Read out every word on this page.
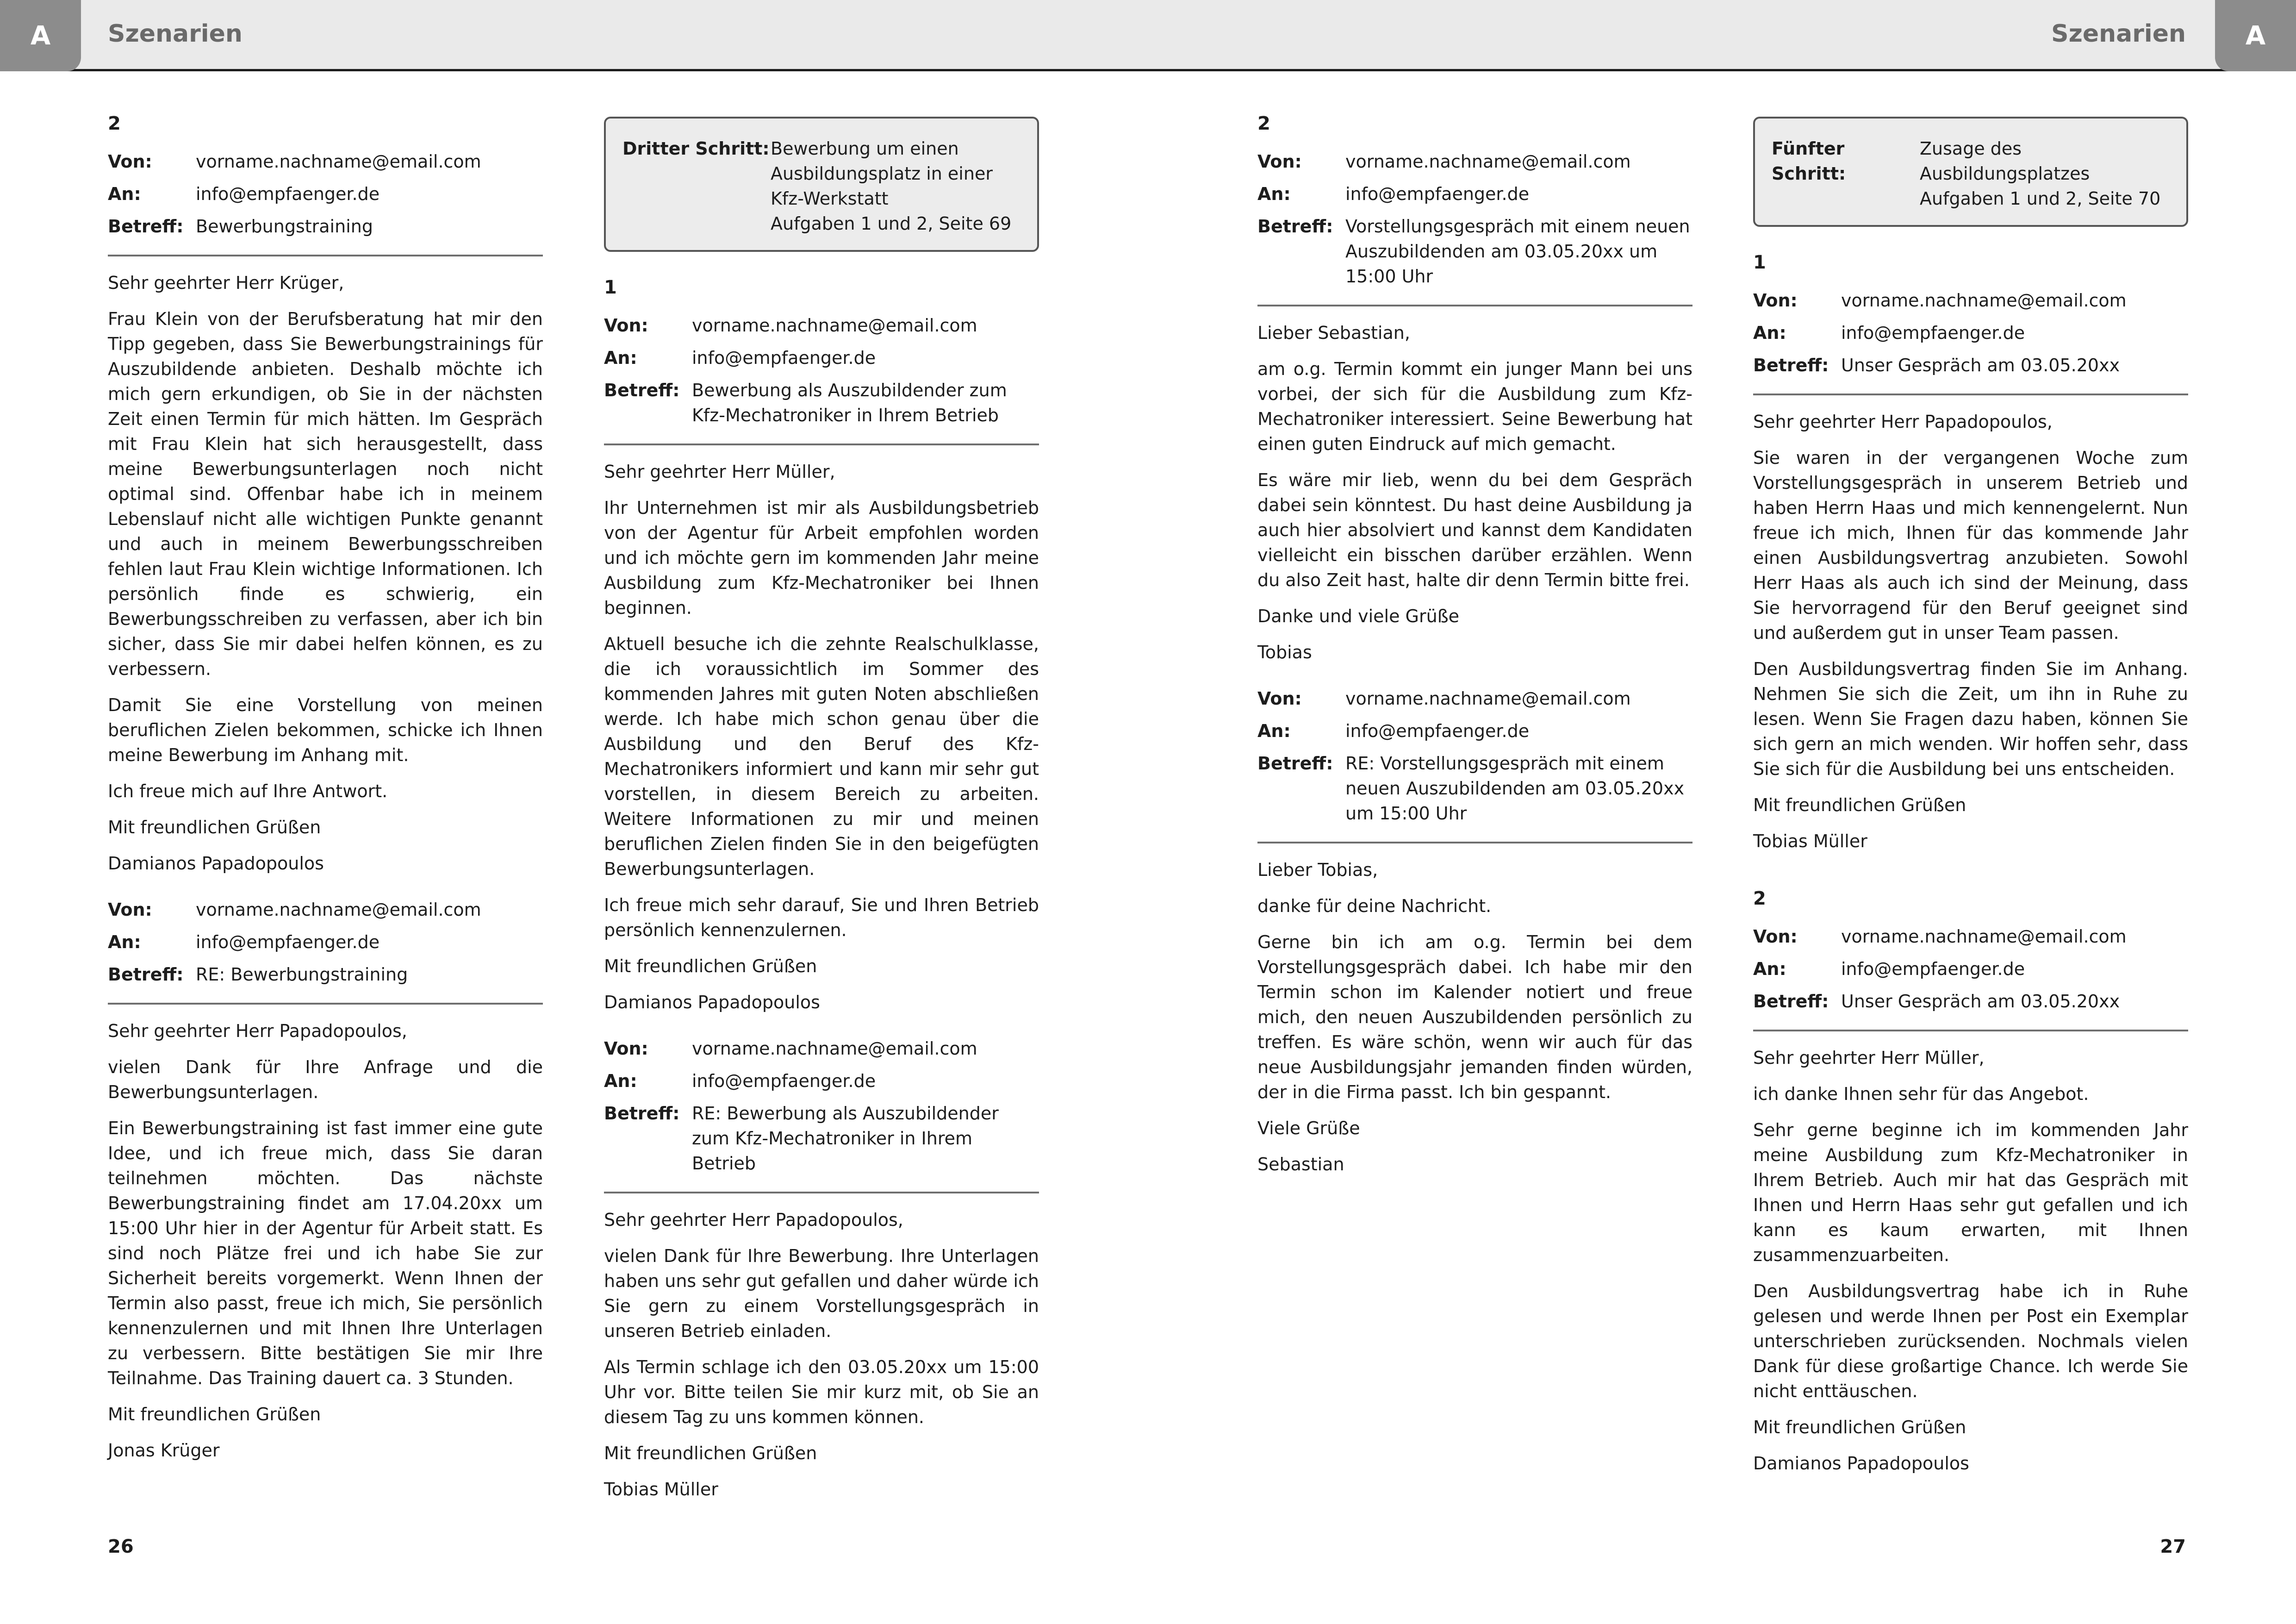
A	Szenarien	Szenarien	A
2
Von:	vorname.nachname@email.com
An:	info@empfaenger.de
Betreff: Bewerbungstraining

Sehr geehrter Herr Krüger,

Frau Klein von der Berufsberatung hat mir den Tipp gegeben, dass Sie Bewerbungstrainings für Auszubildende anbieten. Deshalb möchte ich mich gern erkundigen, ob Sie in der nächsten Zeit einen Termin für mich hätten. Im Gespräch mit Frau Klein hat sich herausgestellt, dass meine Bewerbungsunterlagen noch nicht optimal sind. Offenbar habe ich in meinem Lebenslauf nicht alle wichtigen Punkte genannt und auch in meinem Bewerbungsschreiben fehlen laut Frau Klein wichtige Informationen. Ich persönlich finde es schwierig, ein Bewerbungsschreiben zu verfassen, aber ich bin sicher, dass Sie mir dabei helfen können, es zu verbessern.

Damit Sie eine Vorstellung von meinen beruflichen Zielen bekommen, schicke ich Ihnen meine Bewerbung im Anhang mit.

Ich freue mich auf Ihre Antwort.

Mit freundlichen Grüßen

Damianos Papadopoulos

Von:	vorname.nachname@email.com
An:	info@empfaenger.de
Betreff: RE: Bewerbungstraining

Sehr geehrter Herr Papadopoulos,

vielen Dank für Ihre Anfrage und die Bewerbungsunterlagen.

Ein Bewerbungstraining ist fast immer eine gute Idee, und ich freue mich, dass Sie daran teilnehmen möchten. Das nächste Bewerbungstraining findet am 17.04.20xx um 15:00 Uhr hier in der Agentur für Arbeit statt. Es sind noch Plätze frei und ich habe Sie zur Sicherheit bereits vorgemerkt. Wenn Ihnen der Termin also passt, freue ich mich, Sie persönlich kennenzulernen und mit Ihnen Ihre Unterlagen zu verbessern. Bitte bestätigen Sie mir Ihre Teilnahme. Das Training dauert ca. 3 Stunden.

Mit freundlichen Grüßen

Jonas Krüger

Dritter Schritt: Bewerbung um einen Ausbildungsplatz in einer Kfz-Werkstatt
Aufgaben 1 und 2, Seite 69
1
Von:	vorname.nachname@email.com
An:	info@empfaenger.de
Betreff: Bewerbung als Auszubildender zum Kfz-Mechatroniker in Ihrem Betrieb

Sehr geehrter Herr Müller,

Ihr Unternehmen ist mir als Ausbildungsbetrieb von der Agentur für Arbeit empfohlen worden und ich möchte gern im kommenden Jahr meine Ausbildung zum Kfz-Mechatroniker bei Ihnen beginnen.

Aktuell besuche ich die zehnte Realschulklasse, die ich voraussichtlich im Sommer des kommenden Jahres mit guten Noten abschließen werde. Ich habe mich schon genau über die Ausbildung und den Beruf des Kfz-Mechatronikers informiert und kann mir sehr gut vorstellen, in diesem Bereich zu arbeiten. Weitere Informationen zu mir und meinen beruflichen Zielen finden Sie in den beigefügten Bewerbungsunterlagen.

Ich freue mich sehr darauf, Sie und Ihren Betrieb persönlich kennenzulernen.

Mit freundlichen Grüßen

Damianos Papadopoulos

Von:	vorname.nachname@email.com
An:	info@empfaenger.de
Betreff: RE: Bewerbung als Auszubildender zum Kfz-Mechatroniker in Ihrem Betrieb

Sehr geehrter Herr Papadopoulos,

vielen Dank für Ihre Bewerbung. Ihre Unterlagen haben uns sehr gut gefallen und daher würde ich Sie gern zu einem Vorstellungsgespräch in unseren Betrieb einladen.

Als Termin schlage ich den 03.05.20xx um 15:00 Uhr vor. Bitte teilen Sie mir kurz mit, ob Sie an diesem Tag zu uns kommen können.

Mit freundlichen Grüßen

Tobias Müller

2
Von:	vorname.nachname@email.com
An:	info@empfaenger.de
Betreff: Vorstellungsgespräch mit einem neuen Auszubildenden am 03.05.20xx um 15:00 Uhr

Lieber Sebastian,

am o.g. Termin kommt ein junger Mann bei uns vorbei, der sich für die Ausbildung zum Kfz-Mechatroniker interessiert. Seine Bewerbung hat einen guten Eindruck auf mich gemacht.

Es wäre mir lieb, wenn du bei dem Gespräch dabei sein könntest. Du hast deine Ausbildung ja auch hier absolviert und kannst dem Kandidaten vielleicht ein bisschen darüber erzählen. Wenn du also Zeit hast, halte dir denn Termin bitte frei.

Danke und viele Grüße

Tobias

Von:	vorname.nachname@email.com
An:	info@empfaenger.de
Betreff: RE: Vorstellungsgespräch mit einem neuen Auszubildenden am 03.05.20xx um 15:00 Uhr

Lieber Tobias,

danke für deine Nachricht.

Gerne bin ich am o.g. Termin bei dem Vorstellungsgespräch dabei. Ich habe mir den Termin schon im Kalender notiert und freue mich, den neuen Auszubildenden persönlich zu treffen. Es wäre schön, wenn wir auch für das neue Ausbildungsjahr jemanden finden würden, der in die Firma passt. Ich bin gespannt.

Viele Grüße

Sebastian

Fünfter Schritt:
Zusage des Ausbildungsplatzes
Aufgaben 1 und 2, Seite 70
1
Von:	vorname.nachname@email.com
An:	info@empfaenger.de
Betreff: Unser Gespräch am 03.05.20xx

Sehr geehrter Herr Papadopoulos,

Sie waren in der vergangenen Woche zum Vorstellungsgespräch in unserem Betrieb und haben Herrn Haas und mich kennengelernt. Nun freue ich mich, Ihnen für das kommende Jahr einen Ausbildungsvertrag anzubieten. Sowohl Herr Haas als auch ich sind der Meinung, dass Sie hervorragend für den Beruf geeignet sind und außerdem gut in unser Team passen.

Den Ausbildungsvertrag finden Sie im Anhang. Nehmen Sie sich die Zeit, um ihn in Ruhe zu lesen. Wenn Sie Fragen dazu haben, können Sie sich gern an mich wenden. Wir hoffen sehr, dass Sie sich für die Ausbildung bei uns entscheiden.

Mit freundlichen Grüßen

Tobias Müller

2
Von:	vorname.nachname@email.com
An:	info@empfaenger.de
Betreff: Unser Gespräch am 03.05.20xx

Sehr geehrter Herr Müller,

ich danke Ihnen sehr für das Angebot.

Sehr gerne beginne ich im kommenden Jahr meine Ausbildung zum Kfz-Mechatroniker in Ihrem Betrieb. Auch mir hat das Gespräch mit Ihnen und Herrn Haas sehr gut gefallen und ich kann es kaum erwarten, mit Ihnen zusammenzuarbeiten.

Den Ausbildungsvertrag habe ich in Ruhe gelesen und werde Ihnen per Post ein Exemplar unterschrieben zurücksenden. Nochmals vielen Dank für diese großartige Chance. Ich werde Sie nicht enttäuschen.

Mit freundlichen Grüßen

Damianos Papadopoulos

26	27
